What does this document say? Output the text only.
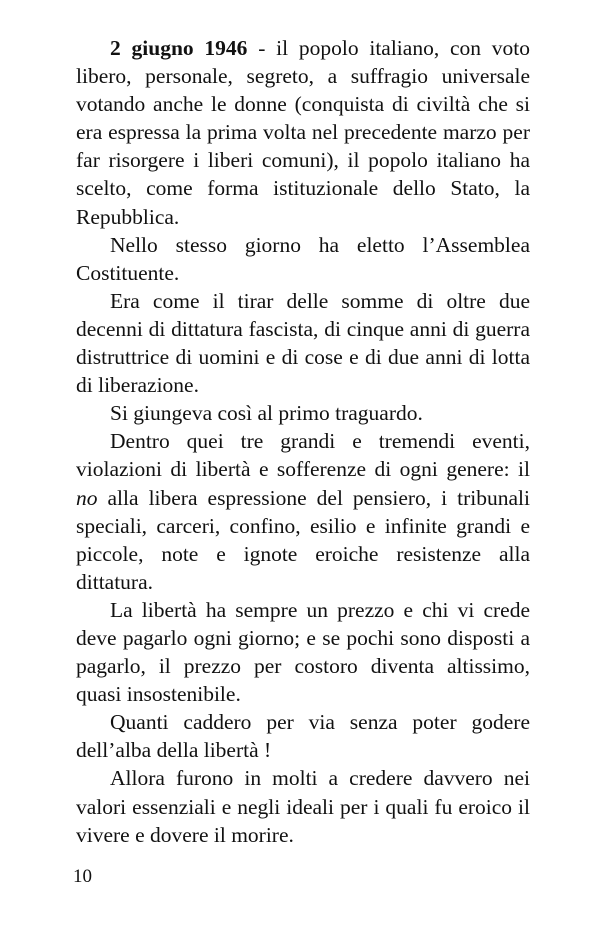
2 giugno 1946 - il popolo italiano, con voto libero, personale, segreto, a suffragio universale votando anche le donne (conquista di civiltà che si era espressa la prima volta nel precedente marzo per far risorgere i liberi comuni), il popolo italiano ha scelto, come forma istituzionale dello Stato, la Repubblica.

Nello stesso giorno ha eletto l’Assemblea Costituente.

Era come il tirar delle somme di oltre due decenni di dittatura fascista, di cinque anni di guerra distruttrice di uomini e di cose e di due anni di lotta di liberazione.

Si giungeva così al primo traguardo.

Dentro quei tre grandi e tremendi eventi, violazioni di libertà e sofferenze di ogni genere: il no alla libera espressione del pensiero, i tribunali speciali, carceri, confino, esilio e infinite grandi e piccole, note e ignote eroiche resistenze alla dittatura.

La libertà ha sempre un prezzo e chi vi crede deve pagarlo ogni giorno; e se pochi sono disposti a pagarlo, il prezzo per costoro diventa altissimo, quasi insostenibile.

Quanti caddero per via senza poter godere dell’alba della libertà !

Allora furono in molti a credere davvero nei valori essenziali e negli ideali per i quali fu eroico il vivere e dovere il morire.

10
